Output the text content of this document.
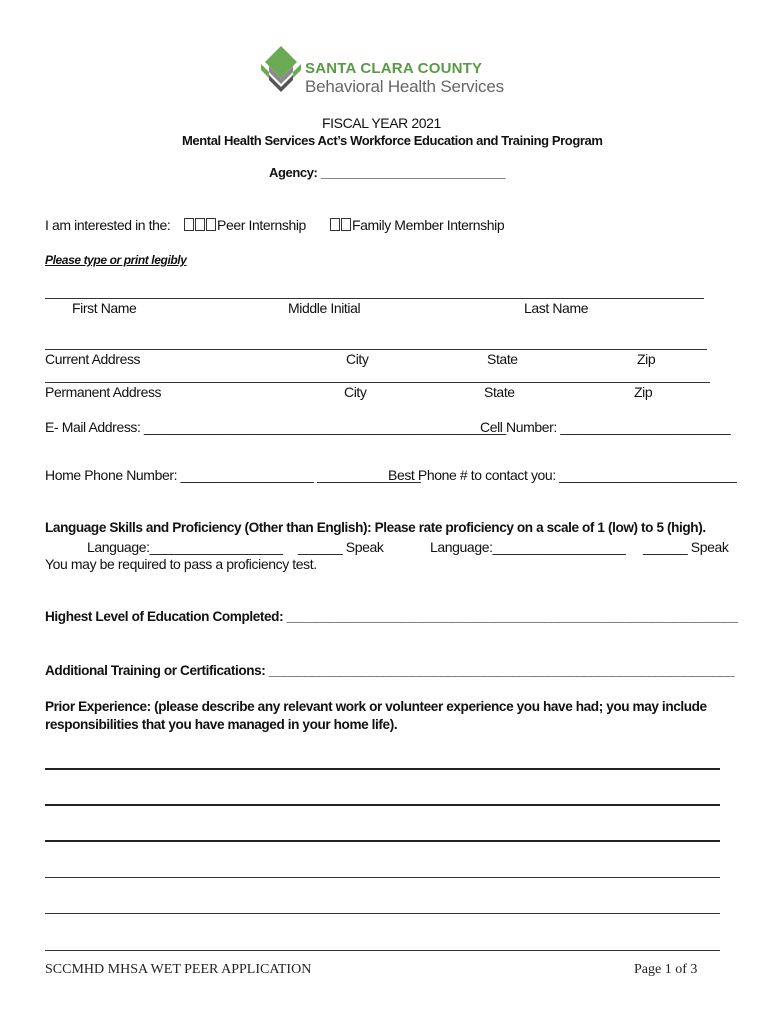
SANTA CLARA COUNTY
Behavioral Health Services
FISCAL YEAR 2021
Mental Health Services Act’s Workforce Education and Training Program
Agency: ___________________________
I am interested in the:	Peer Internship	Family Member Internship
Please type or print legibly
First Name	Middle Initial	Last Name
Current Address	City	State	Zip
Permanent Address	City	State	Zip
E- Mail Address: _________________________________________________
Cell Number: _______________________
Home Phone Number: __________________ ______________
Best Phone # to contact you: ________________________
Language Skills and Proficiency (Other than English): Please rate proficiency on a scale of 1 (low) to 5 (high).
Language:__________________ ______ Speak	Language:__________________ ______ Speak
You may be required to pass a proficiency test.
Highest Level of Education Completed: _______________________________________________________________
Additional Training or Certifications: _________________________________________________________________
Prior Experience: (please describe any relevant work or volunteer experience you have had; you may include
responsibilities that you have managed in your home life).
SCCMHD MHSA WET PEER APPLICATION	Page 1 of 3
